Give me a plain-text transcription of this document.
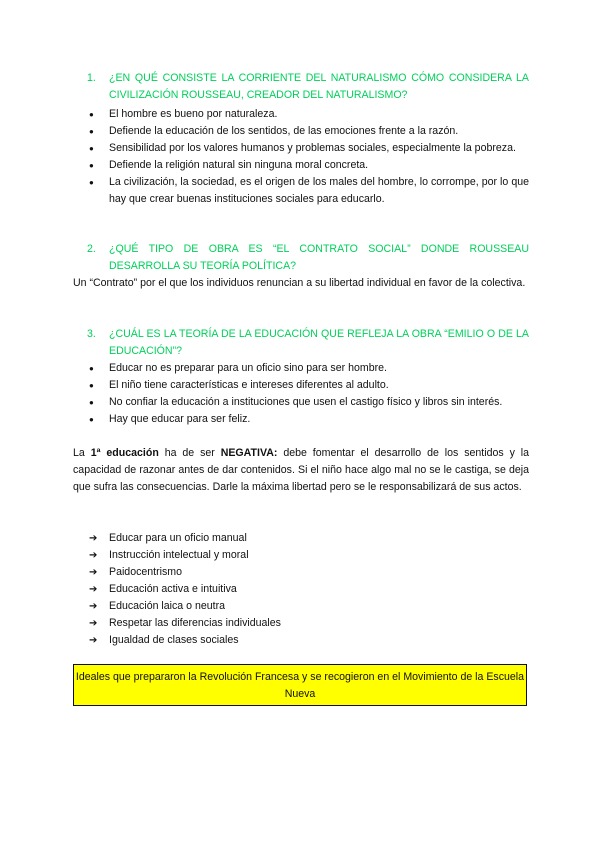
1.	¿EN QUÉ CONSISTE LA CORRIENTE DEL NATURALISMO CÓMO CONSIDERA LA CIVILIZACIÓN ROUSSEAU, CREADOR DEL NATURALISMO?
● El hombre es bueno por naturaleza.
● Defiende la educación de los sentidos, de las emociones frente a la razón.
● Sensibilidad por los valores humanos y problemas sociales, especialmente la pobreza.
● Defiende la religión natural sin ninguna moral concreta.
● La civilización, la sociedad, es el origen de los males del hombre, lo corrompe, por lo que hay que crear buenas instituciones sociales para educarlo.
2.	¿QUÉ TIPO DE OBRA ES “EL CONTRATO SOCIAL” DONDE ROUSSEAU DESARROLLA SU TEORÍA POLÍTICA?
Un “Contrato” por el que los individuos renuncian a su libertad individual en favor de la colectiva.
3.	¿CUÁL ES LA TEORÍA DE LA EDUCACIÓN QUE REFLEJA LA OBRA “EMILIO O DE LA EDUCACIÓN”?
● Educar no es preparar para un oficio sino para ser hombre.
● El niño tiene características e intereses diferentes al adulto.
● No confiar la educación a instituciones que usen el castigo físico y libros sin interés.
● Hay que educar para ser feliz.
La 1ª educación ha de ser NEGATIVA: debe fomentar el desarrollo de los sentidos y la capacidad de razonar antes de dar contenidos. Si el niño hace algo mal no se le castiga, se deja que sufra las consecuencias. Darle la máxima libertad pero se le responsabilizará de sus actos.
➔ Educar para un oficio manual
➔ Instrucción intelectual y moral
➔ Paidocentrismo
➔ Educación activa e intuitiva
➔ Educación laica o neutra
➔ Respetar las diferencias individuales
➔ Igualdad de clases sociales
Ideales que prepararon la Revolución Francesa y se recogieron en el Movimiento de la Escuela Nueva
